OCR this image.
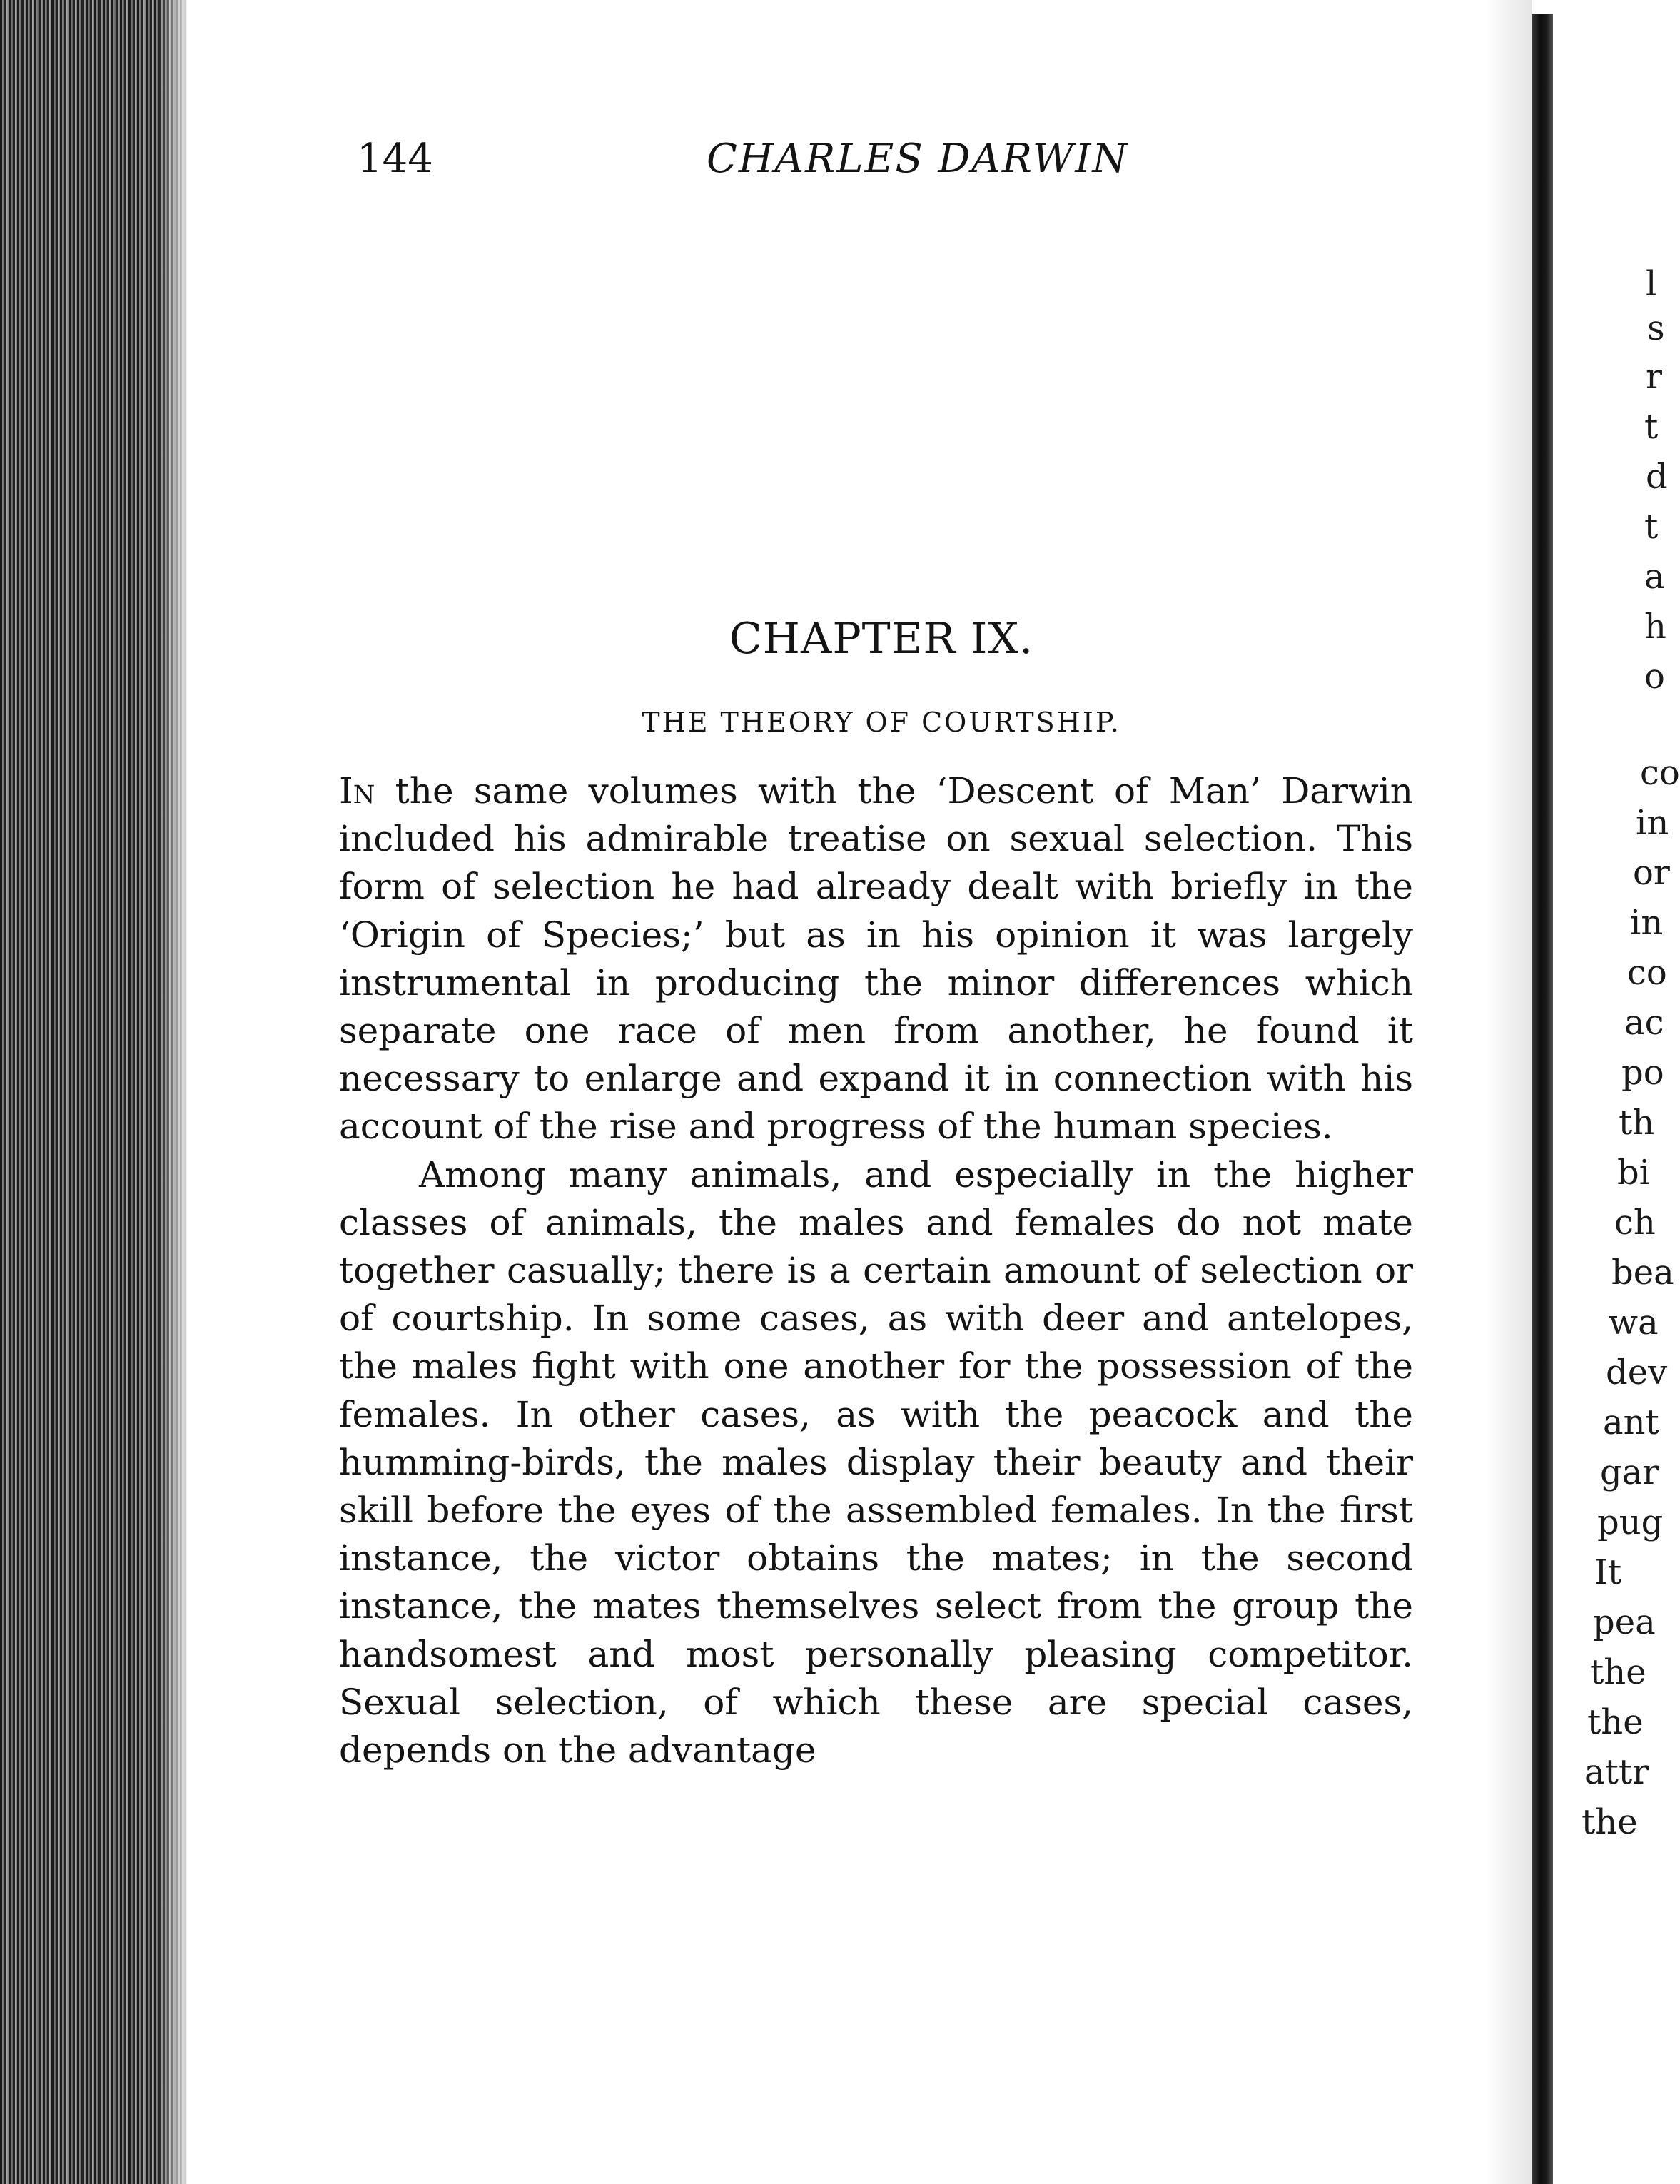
144	CHARLES DARWIN
CHAPTER IX.
THE THEORY OF COURTSHIP.

In the same volumes with the ‘Descent of Man’ Darwin included his admirable treatise on sexual selection. This form of selection he had already dealt with briefly in the ‘Origin of Species;’ but as in his opinion it was largely instrumental in producing the minor differences which separate one race of men from another, he found it necessary to enlarge and expand it in connection with his account of the rise and progress of the human species.

Among many animals, and especially in the higher classes of animals, the males and females do not mate together casually; there is a certain amount of selection or of courtship. In some cases, as with deer and antelopes, the males fight with one another for the possession of the females. In other cases, as with the peacock and the humming-birds, the males display their beauty and their skill before the eyes of the assembled females. In the first instance, the victor obtains the mates; in the second instance, the mates themselves select from the group the handsomest and most personally pleasing competitor. Sexual selection, of which these are special cases, depends on the advantage

l
s
r
t
d
t
a
h
o
co
in
or
in
co
ac
po
th
bi
ch
bea
wa
dev
ant
gar
pug
It
pea
the
the
attr
the
